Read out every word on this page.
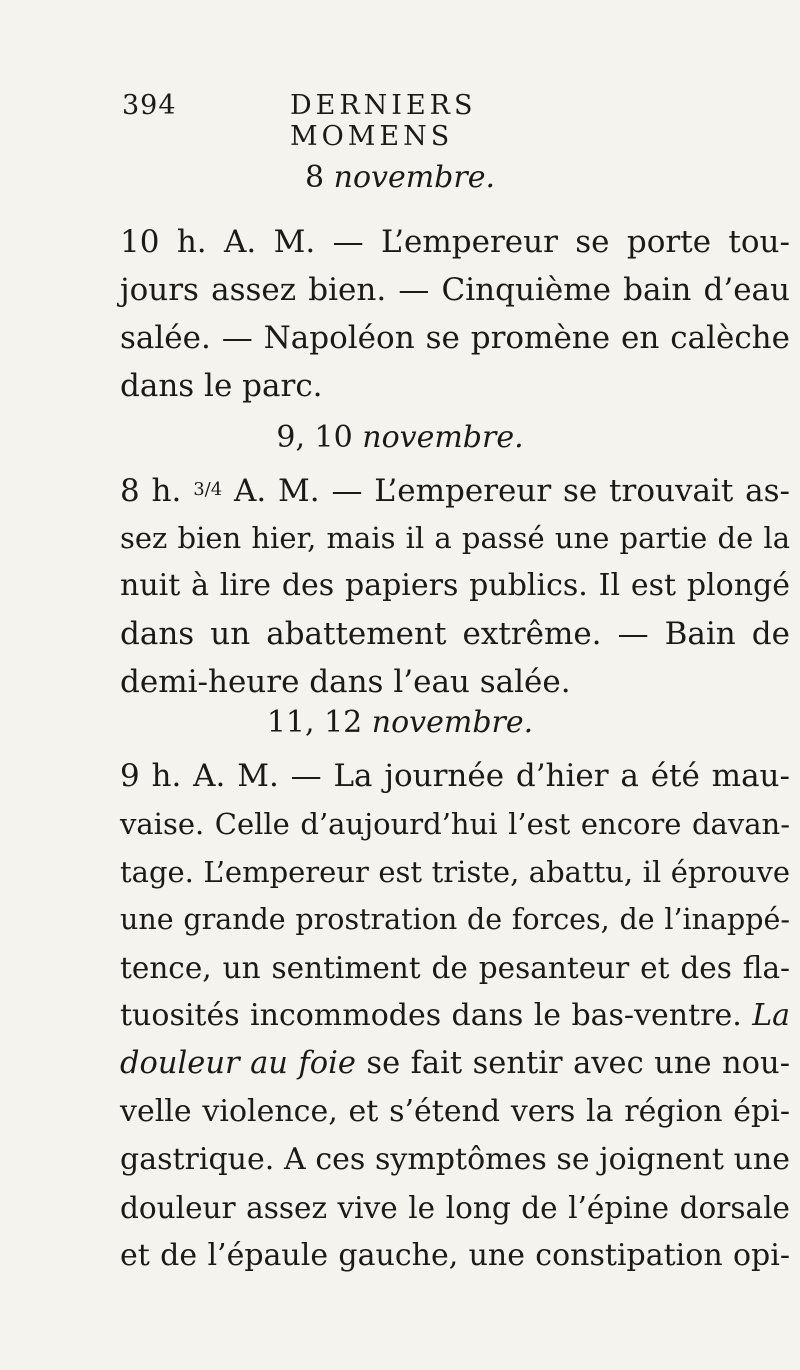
394	DERNIERS MOMENS
8 novembre.
10 h. A. M. — L’empereur se porte tou-
jours assez bien. — Cinquième bain d’eau
salée. — Napoléon se promène en calèche
dans le parc.
9, 10 novembre.
8 h. 3/4 A. M. — L’empereur se trouvait as-
sez bien hier, mais il a passé une partie de la
nuit à lire des papiers publics. Il est plongé
dans un abattement extrême. — Bain de
demi-heure dans l’eau salée.
11, 12 novembre.
9 h. A. M. — La journée d’hier a été mau-
vaise. Celle d’aujourd’hui l’est encore davan-
tage. L’empereur est triste, abattu, il éprouve
une grande prostration de forces, de l’inappé-
tence, un sentiment de pesanteur et des fla-
tuosités incommodes dans le bas-ventre. La
douleur au foie se fait sentir avec une nou-
velle violence, et s’étend vers la région épi-
gastrique. A ces symptômes se joignent une
douleur assez vive le long de l’épine dorsale
et de l’épaule gauche, une constipation opi-
